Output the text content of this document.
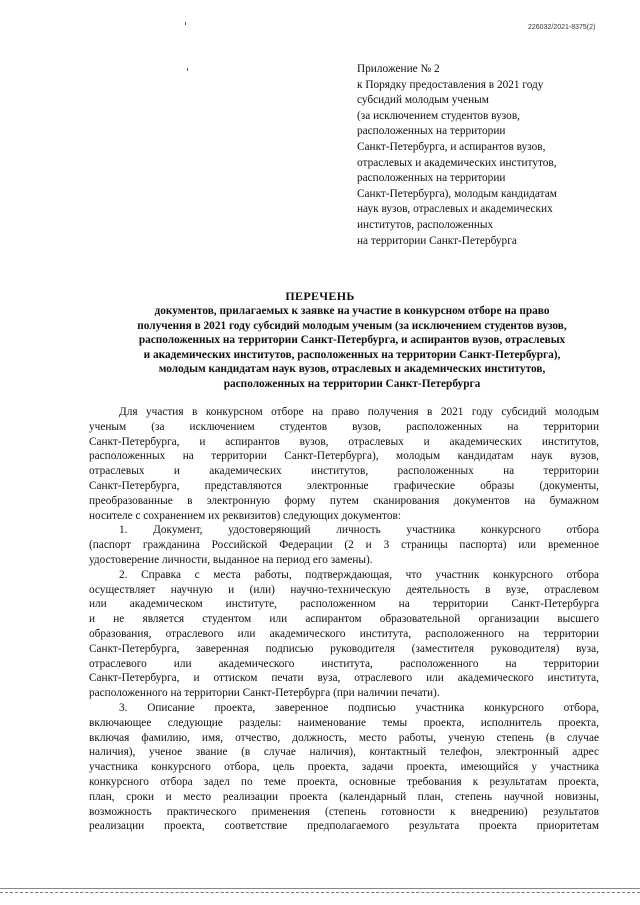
226032/2021-8375(2)
Приложение № 2
к Порядку предоставления в 2021 году
субсидий молодым ученым
(за исключением студентов вузов,
расположенных на территории
Санкт-Петербурга, и аспирантов вузов,
отраслевых и академических институтов,
расположенных на территории
Санкт-Петербурга), молодым кандидатам
наук вузов, отраслевых и академических
институтов, расположенных
на территории Санкт-Петербурга
ПЕРЕЧЕНЬ
документов, прилагаемых к заявке на участие в конкурсном отборе на право
получения в 2021 году субсидий молодым ученым (за исключением студентов вузов,
расположенных на территории Санкт-Петербурга, и аспирантов вузов, отраслевых
и академических институтов, расположенных на территории Санкт-Петербурга),
молодым кандидатам наук вузов, отраслевых и академических институтов,
расположенных на территории Санкт-Петербурга
Для участия в конкурсном отборе на право получения в 2021 году субсидий молодым
ученым (за исключением студентов вузов, расположенных на территории
Санкт-Петербурга, и аспирантов вузов, отраслевых и академических институтов,
расположенных на территории Санкт-Петербурга), молодым кандидатам наук вузов,
отраслевых и академических институтов, расположенных на территории
Санкт-Петербурга, представляются электронные графические образы (документы,
преобразованные в электронную форму путем сканирования документов на бумажном
носителе с сохранением их реквизитов) следующих документов:
1. Документ, удостоверяющий личность участника конкурсного отбора
(паспорт гражданина Российской Федерации (2 и 3 страницы паспорта) или временное
удостоверение личности, выданное на период его замены).
2. Справка с места работы, подтверждающая, что участник конкурсного отбора
осуществляет научную и (или) научно-техническую деятельность в вузе, отраслевом
или академическом институте, расположенном на территории Санкт-Петербурга
и не является студентом или аспирантом образовательной организации высшего
образования, отраслевого или академического института, расположенного на территории
Санкт-Петербурга, заверенная подписью руководителя (заместителя руководителя) вуза,
отраслевого или академического института, расположенного на территории
Санкт-Петербурга, и оттиском печати вуза, отраслевого или академического института,
расположенного на территории Санкт-Петербурга (при наличии печати).
3. Описание проекта, заверенное подписью участника конкурсного отбора,
включающее следующие разделы: наименование темы проекта, исполнитель проекта,
включая фамилию, имя, отчество, должность, место работы, ученую степень (в случае
наличия), ученое звание (в случае наличия), контактный телефон, электронный адрес
участника конкурсного отбора, цель проекта, задачи проекта, имеющийся у участника
конкурсного отбора задел по теме проекта, основные требования к результатам проекта,
план, сроки и место реализации проекта (календарный план, степень научной новизны,
возможность практического применения (степень готовности к внедрению) результатов
реализации проекта, соответствие предполагаемого результата проекта приоритетам
